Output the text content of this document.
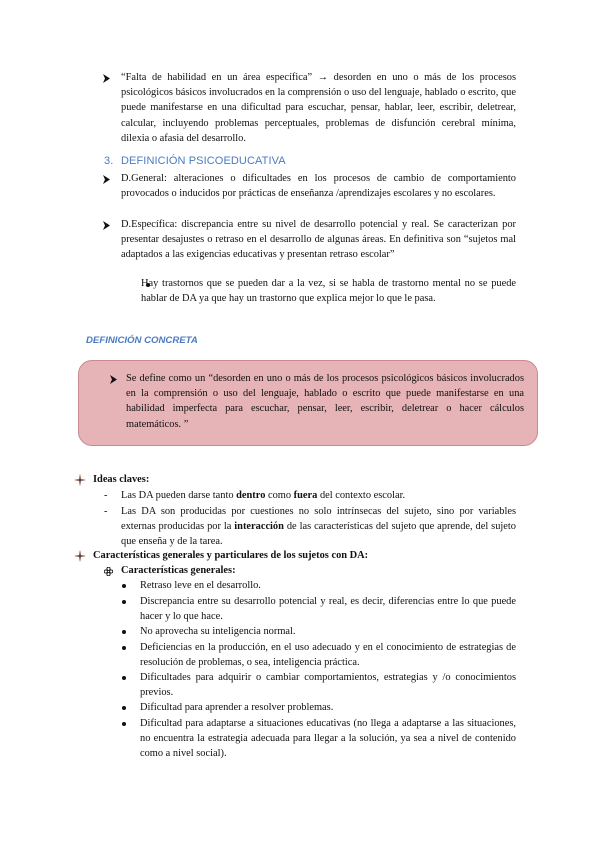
“Falta de habilidad en un área específica” → desorden en uno o más de los procesos psicológicos básicos involucrados en la comprensión o uso del lenguaje, hablado o escrito, que puede manifestarse en una dificultad para escuchar, pensar, hablar, leer, escribir, deletrear, calcular, incluyendo problemas perceptuales, problemas de disfunción cerebral mínima, dilexia o afasia del desarrollo.
3. DEFINICIÓN PSICOEDUCATIVA
D.General: alteraciones o dificultades en los procesos de cambio de comportamiento provocados o inducidos por prácticas de enseñanza /aprendizajes escolares y no escolares.
D.Específica: discrepancia entre su nivel de desarrollo potencial y real. Se caracterizan por presentar desajustes o retraso en el desarrollo de algunas áreas. En definitiva son “sujetos mal adaptados a las exigencias educativas y presentan retraso escolar”
Hay trastornos que se pueden dar a la vez, si se habla de trastorno mental no se puede hablar de DA ya que hay un trastorno que explica mejor lo que le pasa.
DEFINICIÓN CONCRETA
Se define como un “desorden en uno o más de los procesos psicológicos básicos involucrados en la comprensión o uso del lenguaje, hablado o escrito que puede manifestarse en una habilidad imperfecta para escuchar, pensar, leer, escribir, deletrear o hacer cálculos matemáticos. ”
Ideas claves:
- Las DA pueden darse tanto dentro como fuera del contexto escolar.
- Las DA son producidas por cuestiones no solo intrínsecas del sujeto, sino por variables externas producidas por la interacción de las características del sujeto que aprende, del sujeto que enseña y de la tarea.
Características generales y particulares de los sujetos con DA:
Características generales:
Retraso leve en el desarrollo.
Discrepancia entre su desarrollo potencial y real, es decir, diferencias entre lo que puede hacer y lo que hace.
No aprovecha su inteligencia normal.
Deficiencias en la producción, en el uso adecuado y en el conocimiento de estrategias de resolución de problemas, o sea, inteligencia práctica.
Dificultades para adquirir o cambiar comportamientos, estrategias y /o conocimientos previos.
Dificultad para aprender a resolver problemas.
Dificultad para adaptarse a situaciones educativas (no llega a adaptarse a las situaciones, no encuentra la estrategia adecuada para llegar a la solución, ya sea a nivel de contenido como a nivel social).
